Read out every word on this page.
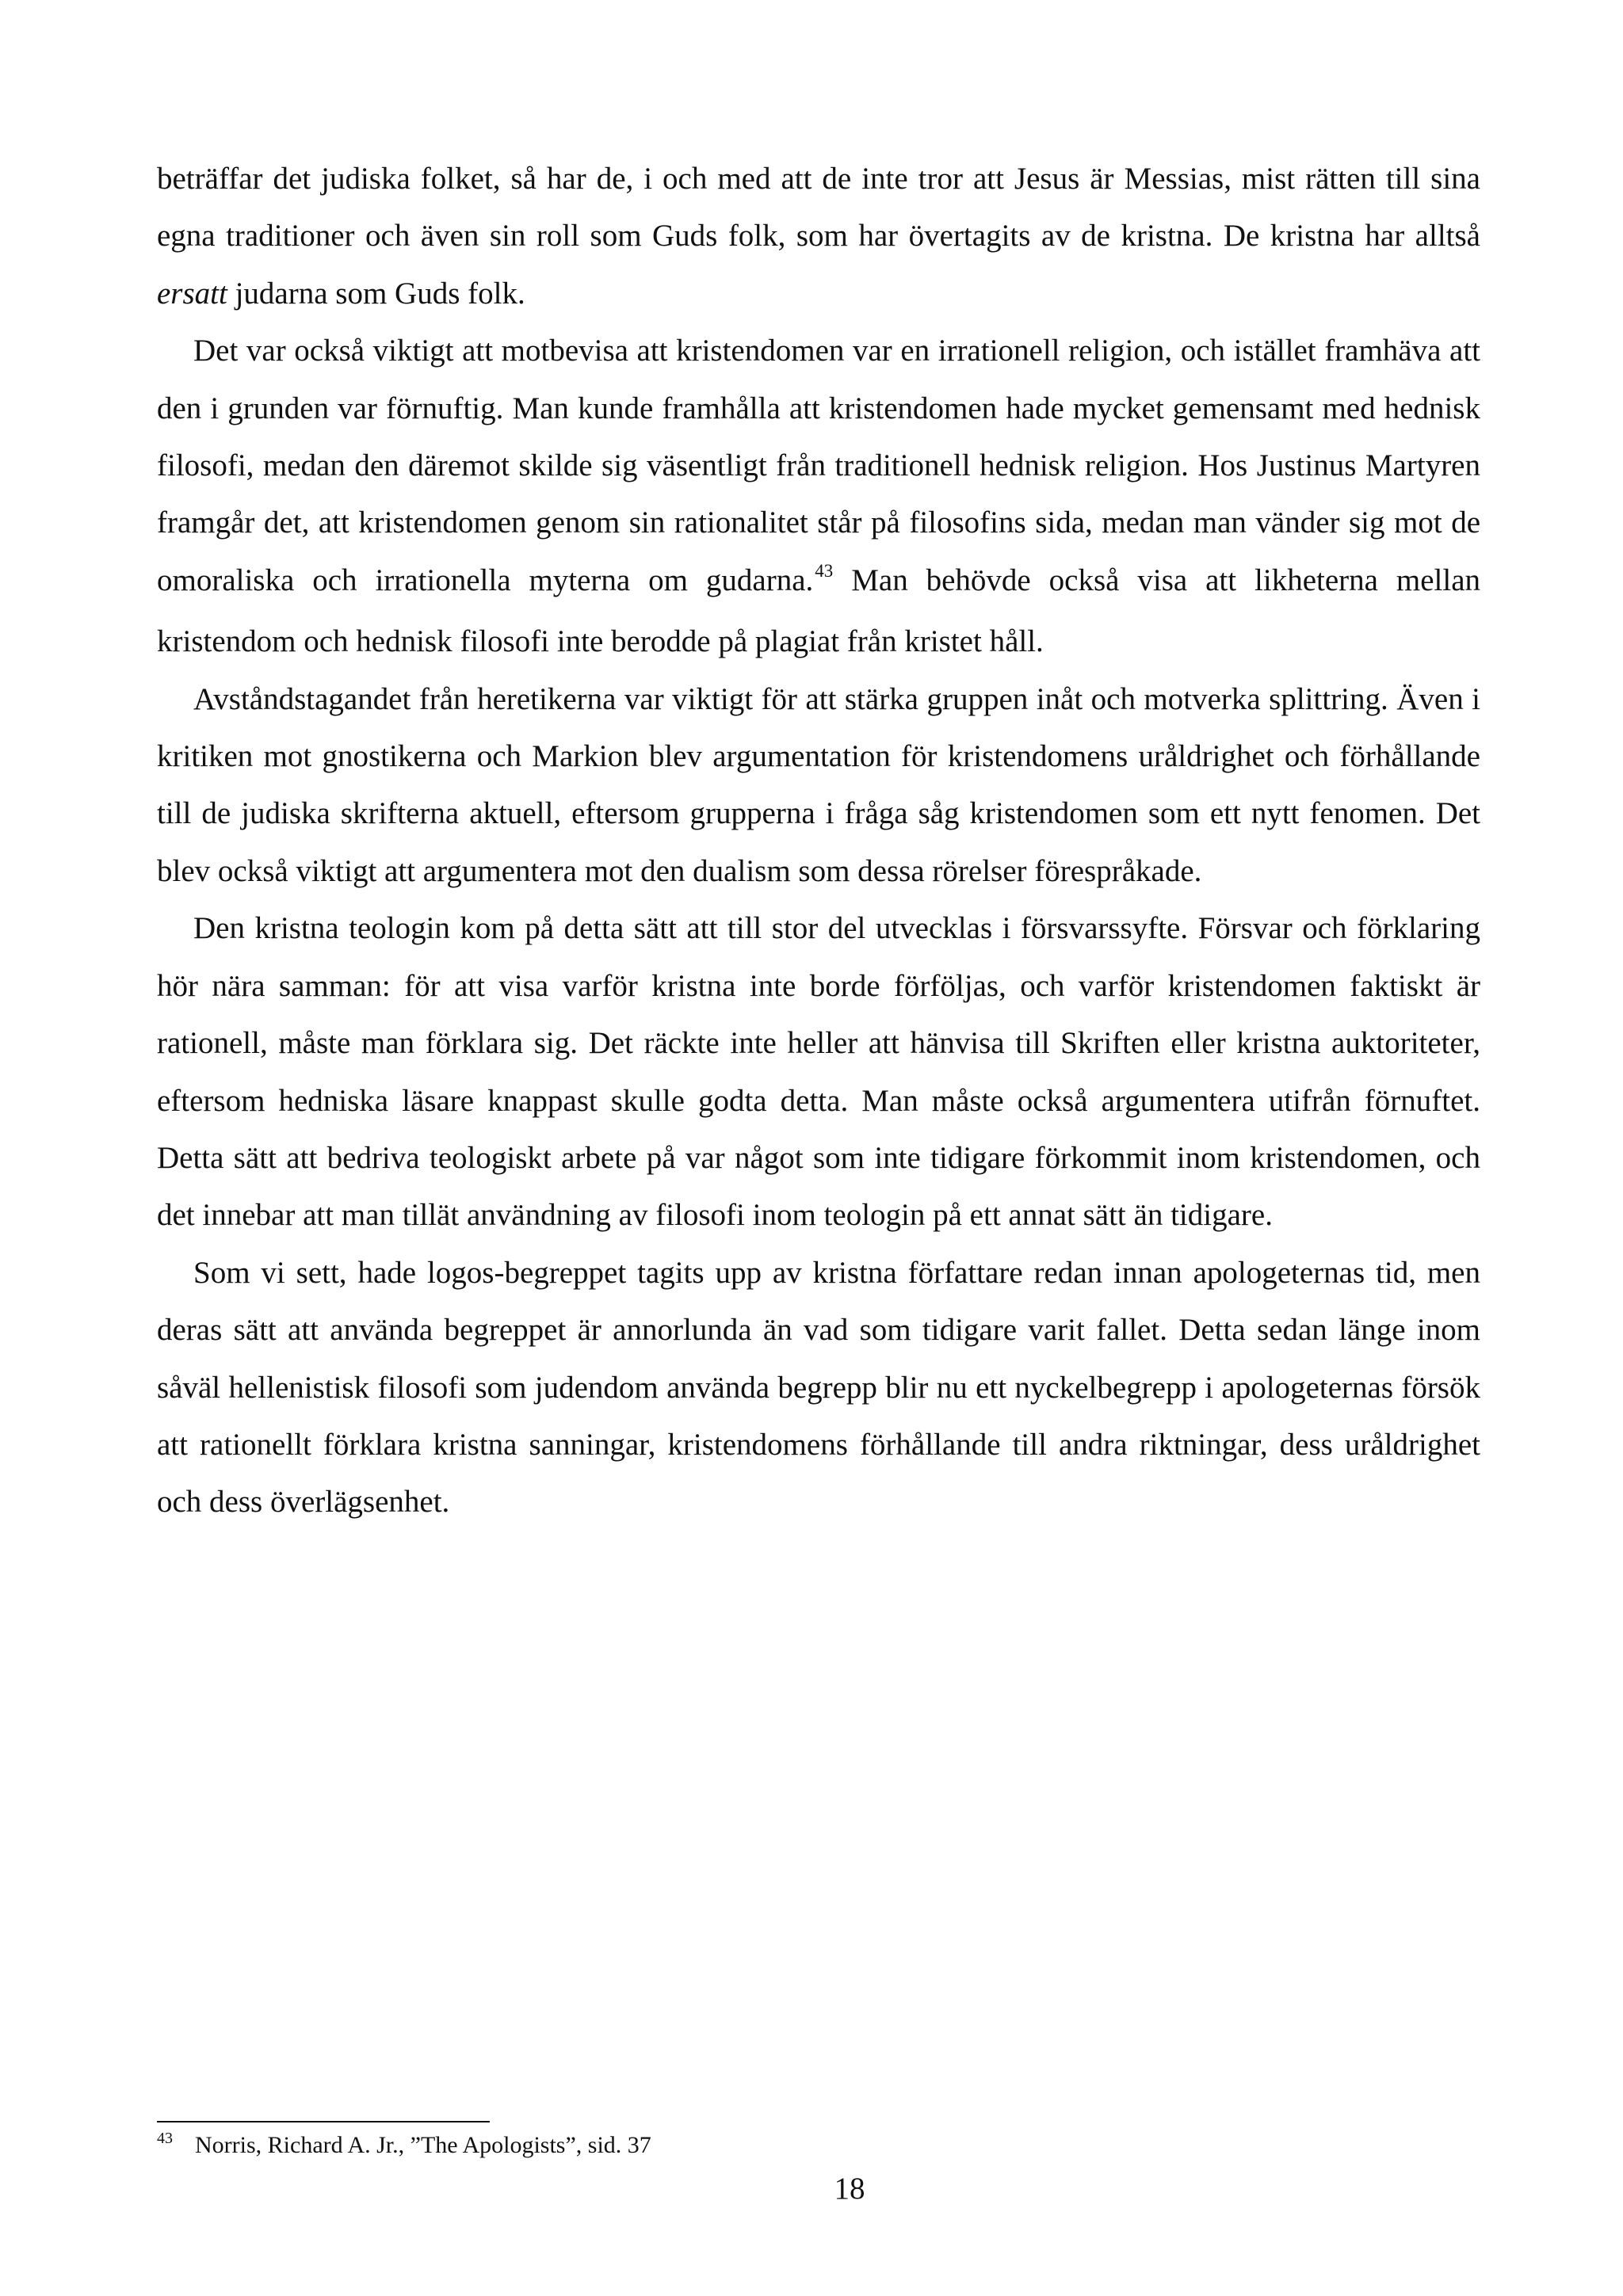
beträffar det judiska folket, så har de, i och med att de inte tror att Jesus är Messias, mist rätten till sina egna traditioner och även sin roll som Guds folk, som har övertagits av de kristna. De kristna har alltså ersatt judarna som Guds folk.

Det var också viktigt att motbevisa att kristendomen var en irrationell religion, och istället framhäva att den i grunden var förnuftig. Man kunde framhålla att kristendomen hade mycket gemensamt med hednisk filosofi, medan den däremot skilde sig väsentligt från traditionell hednisk religion. Hos Justinus Martyren framgår det, att kristendomen genom sin rationalitet står på filosofins sida, medan man vänder sig mot de omoraliska och irrationella myterna om gudarna.$^{43}$ Man behövde också visa att likheterna mellan kristendom och hednisk filosofi inte berodde på plagiat från kristet håll.

Avståndstagandet från heretikerna var viktigt för att stärka gruppen inåt och motverka splittring. Även i kritiken mot gnostikerna och Markion blev argumentation för kristendomens uråldrighet och förhållande till de judiska skrifterna aktuell, eftersom grupperna i fråga såg kristendomen som ett nytt fenomen. Det blev också viktigt att argumentera mot den dualism som dessa rörelser förespråkade.

Den kristna teologin kom på detta sätt att till stor del utvecklas i försvarssyfte. Försvar och förklaring hör nära samman: för att visa varför kristna inte borde förföljas, och varför kristendomen faktiskt är rationell, måste man förklara sig. Det räckte inte heller att hänvisa till Skriften eller kristna auktoriteter, eftersom hedniska läsare knappast skulle godta detta. Man måste också argumentera utifrån förnuftet. Detta sätt att bedriva teologiskt arbete på var något som inte tidigare förkommit inom kristendomen, och det innebar att man tillät användning av filosofi inom teologin på ett annat sätt än tidigare.

Som vi sett, hade logos-begreppet tagits upp av kristna författare redan innan apologeternas tid, men deras sätt att använda begreppet är annorlunda än vad som tidigare varit fallet. Detta sedan länge inom såväl hellenistisk filosofi som judendom använda begrepp blir nu ett nyckelbegrepp i apologeternas försök att rationellt förklara kristna sanningar, kristendomens förhållande till andra riktningar, dess uråldrighet och dess överlägsenhet.

43 Norris, Richard A. Jr., ”The Apologists”, sid. 37
18
